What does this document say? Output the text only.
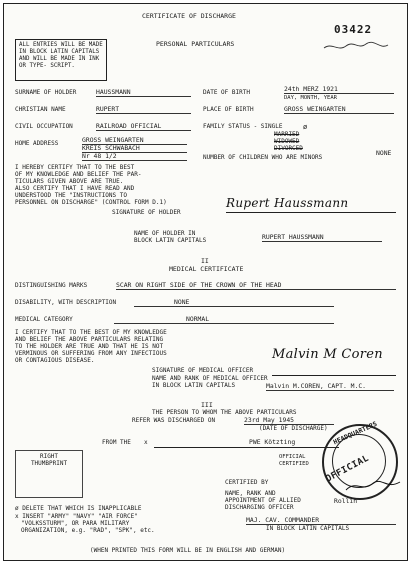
CERTIFICATE OF DISCHARGE
03422
PERSONAL PARTICULARS
ALL ENTRIES WILL BE MADE IN BLOCK LATIN CAPITALS AND WILL BE MADE IN INK OR TYPE- SCRIPT.
SURNAME OF HOLDER	HAUSSMANN	DATE OF BIRTH	24th MERZ 1921
DAY, MONTH, YEAR
CHRISTIAN NAME	RUPERT	PLACE OF BIRTH	GROSS WEINGARTEN
CIVIL OCCUPATION	RAILROAD OFFICIAL	FAMILY STATUS - SINGLE	ø
MARRIED
WIDOWED
DIVORCED
HOME ADDRESS	GROSS WEINGARTEN
KREIS SCHWABACH
Nr 48 1/2	NUMBER OF CHILDREN WHO ARE MINORS
NONE
I HEREBY CERTIFY THAT TO THE BEST
OF MY KNOWLEDGE AND BELIEF THE PAR-
TICULARS GIVEN ABOVE ARE TRUE.
ALSO CERTIFY THAT I HAVE READ AND
UNDERSTOOD THE "INSTRUCTIONS TO
PERSONNEL ON DISCHARGE" (CONTROL FORM D.1)	Rupert Haussmann
SIGNATURE OF HOLDER
NAME OF HOLDER IN
BLOCK LATIN CAPITALS	RUPERT HAUSSMANN
II
MEDICAL CERTIFICATE
DISTINGUISHING MARKS	SCAR ON RIGHT SIDE OF THE CROWN OF THE HEAD
DISABILITY, WITH DESCRIPTION	NONE
MEDICAL CATEGORY	NORMAL
I CERTIFY THAT TO THE BEST OF MY KNOWLEDGE
AND BELIEF THE ABOVE PARTICULARS RELATING
TO THE HOLDER ARE TRUE AND THAT HE IS NOT
VERMINOUS OR SUFFERING FROM ANY INFECTIOUS
OR CONTAGIOUS DISEASE.	Malvin M Coren
SIGNATURE OF MEDICAL OFFICER
NAME AND RANK OF MEDICAL OFFICER
IN BLOCK LATIN CAPITALS	Malvin M.COREN, CAPT. M.C.
III
THE PERSON TO WHOM THE ABOVE PARTICULARS
REFER WAS DISCHARGED ON	23rd May 1945
(DATE OF DISCHARGE)
FROM THE x	PWE Kötzting
RIGHT
THUMBPRINT
CERTIFIED BY
NAME, RANK AND
APPOINTMENT OF ALLIED	Rollin
DISCHARGING OFFICER
MAJ. CAV. COMMANDER
IN BLOCK LATIN CAPITALS
HEADQUARTERS
OFFICIAL
OFFICIAL
CERTIFIED
ø DELETE THAT WHICH IS INAPPLICABLE
x INSERT "ARMY" "NAVY" "AIR FORCE"
"VOLKSSTURM", OR PARA MILITARY
ORGANIZATION, e.g. "RAD", "SPK", etc.
(WHEN PRINTED THIS FORM WILL BE IN ENGLISH AND GERMAN)
